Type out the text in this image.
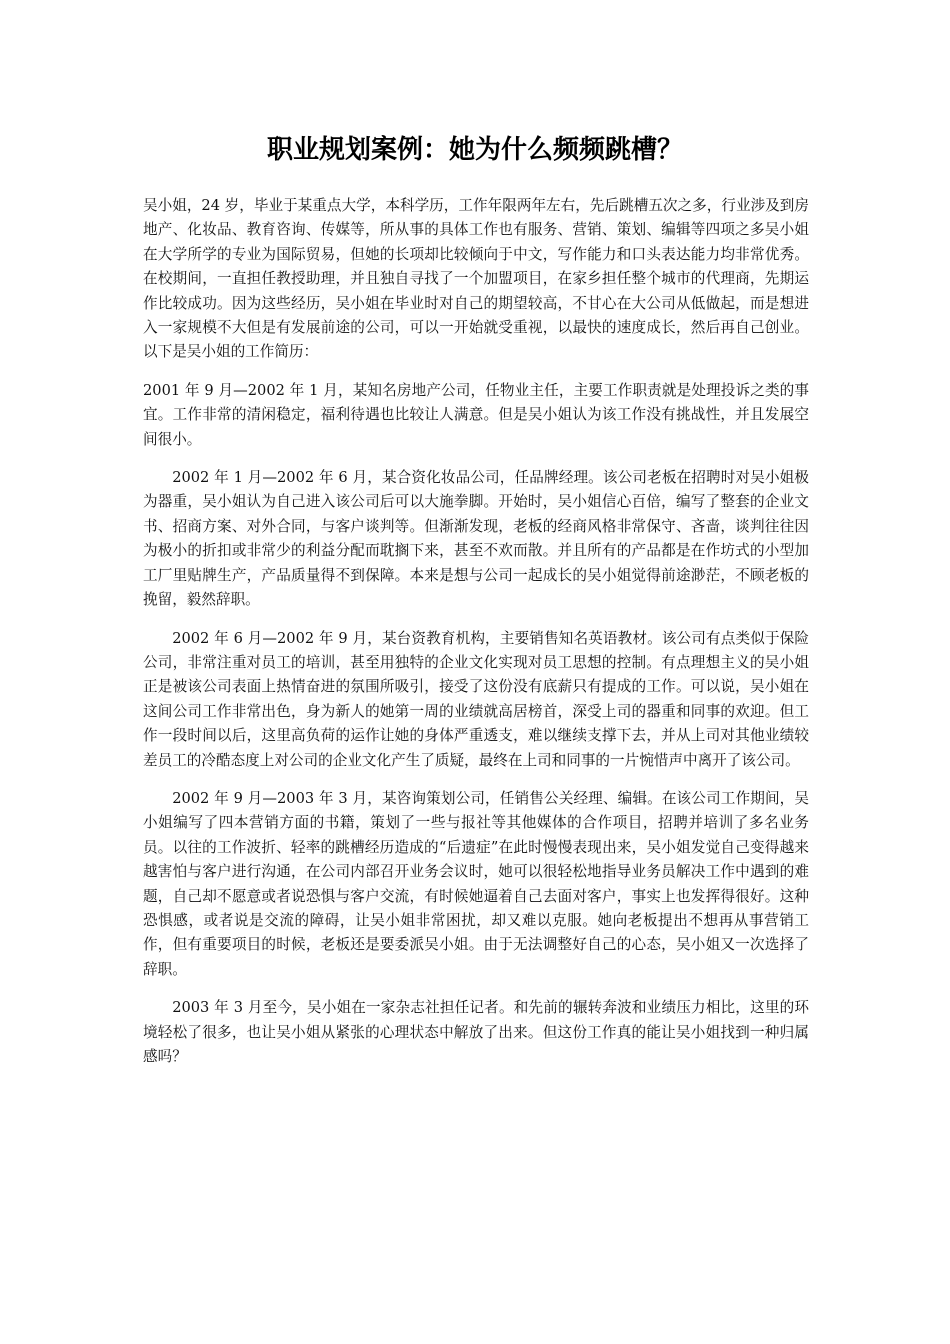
职业规划案例：她为什么频频跳槽？

吴小姐，24 岁，毕业于某重点大学，本科学历，工作年限两年左右，先后跳槽五次之多，行业涉及到房地产、化妆品、教育咨询、传媒等，所从事的具体工作也有服务、营销、策划、编辑等四项之多吴小姐在大学所学的专业为国际贸易，但她的长项却比较倾向于中文，写作能力和口头表达能力均非常优秀。在校期间，一直担任教授助理，并且独自寻找了一个加盟项目，在家乡担任整个城市的代理商，先期运作比较成功。因为这些经历，吴小姐在毕业时对自己的期望较高，不甘心在大公司从低做起，而是想进入一家规模不大但是有发展前途的公司，可以一开始就受重视，以最快的速度成长，然后再自己创业。以下是吴小姐的工作简历：

2001 年 9 月—2002 年 1 月，某知名房地产公司，任物业主任，主要工作职责就是处理投诉之类的事宜。工作非常的清闲稳定，福利待遇也比较让人满意。但是吴小姐认为该工作没有挑战性，并且发展空间很小。

2002 年 1 月—2002 年 6 月，某合资化妆品公司，任品牌经理。该公司老板在招聘时对吴小姐极为器重，吴小姐认为自己进入该公司后可以大施拳脚。开始时，吴小姐信心百倍，编写了整套的企业文书、招商方案、对外合同，与客户谈判等。但渐渐发现，老板的经商风格非常保守、吝啬，谈判往往因为极小的折扣或非常少的利益分配而耽搁下来，甚至不欢而散。并且所有的产品都是在作坊式的小型加工厂里贴牌生产，产品质量得不到保障。本来是想与公司一起成长的吴小姐觉得前途渺茫，不顾老板的挽留，毅然辞职。

2002 年 6 月—2002 年 9 月，某台资教育机构，主要销售知名英语教材。该公司有点类似于保险公司，非常注重对员工的培训，甚至用独特的企业文化实现对员工思想的控制。有点理想主义的吴小姐正是被该公司表面上热情奋进的氛围所吸引，接受了这份没有底薪只有提成的工作。可以说，吴小姐在这间公司工作非常出色，身为新人的她第一周的业绩就高居榜首，深受上司的器重和同事的欢迎。但工作一段时间以后，这里高负荷的运作让她的身体严重透支，难以继续支撑下去，并从上司对其他业绩较差员工的冷酷态度上对公司的企业文化产生了质疑，最终在上司和同事的一片惋惜声中离开了该公司。

2002 年 9 月—2003 年 3 月，某咨询策划公司，任销售公关经理、编辑。在该公司工作期间，吴小姐编写了四本营销方面的书籍，策划了一些与报社等其他媒体的合作项目，招聘并培训了多名业务员。以往的工作波折、轻率的跳槽经历造成的“后遗症”在此时慢慢表现出来，吴小姐发觉自己变得越来越害怕与客户进行沟通，在公司内部召开业务会议时，她可以很轻松地指导业务员解决工作中遇到的难题，自己却不愿意或者说恐惧与客户交流，有时候她逼着自己去面对客户，事实上也发挥得很好。这种恐惧感，或者说是交流的障碍，让吴小姐非常困扰，却又难以克服。她向老板提出不想再从事营销工作，但有重要项目的时候，老板还是要委派吴小姐。由于无法调整好自己的心态，吴小姐又一次选择了辞职。

2003 年 3 月至今，吴小姐在一家杂志社担任记者。和先前的辗转奔波和业绩压力相比，这里的环境轻松了很多，也让吴小姐从紧张的心理状态中解放了出来。但这份工作真的能让吴小姐找到一种归属感吗？
